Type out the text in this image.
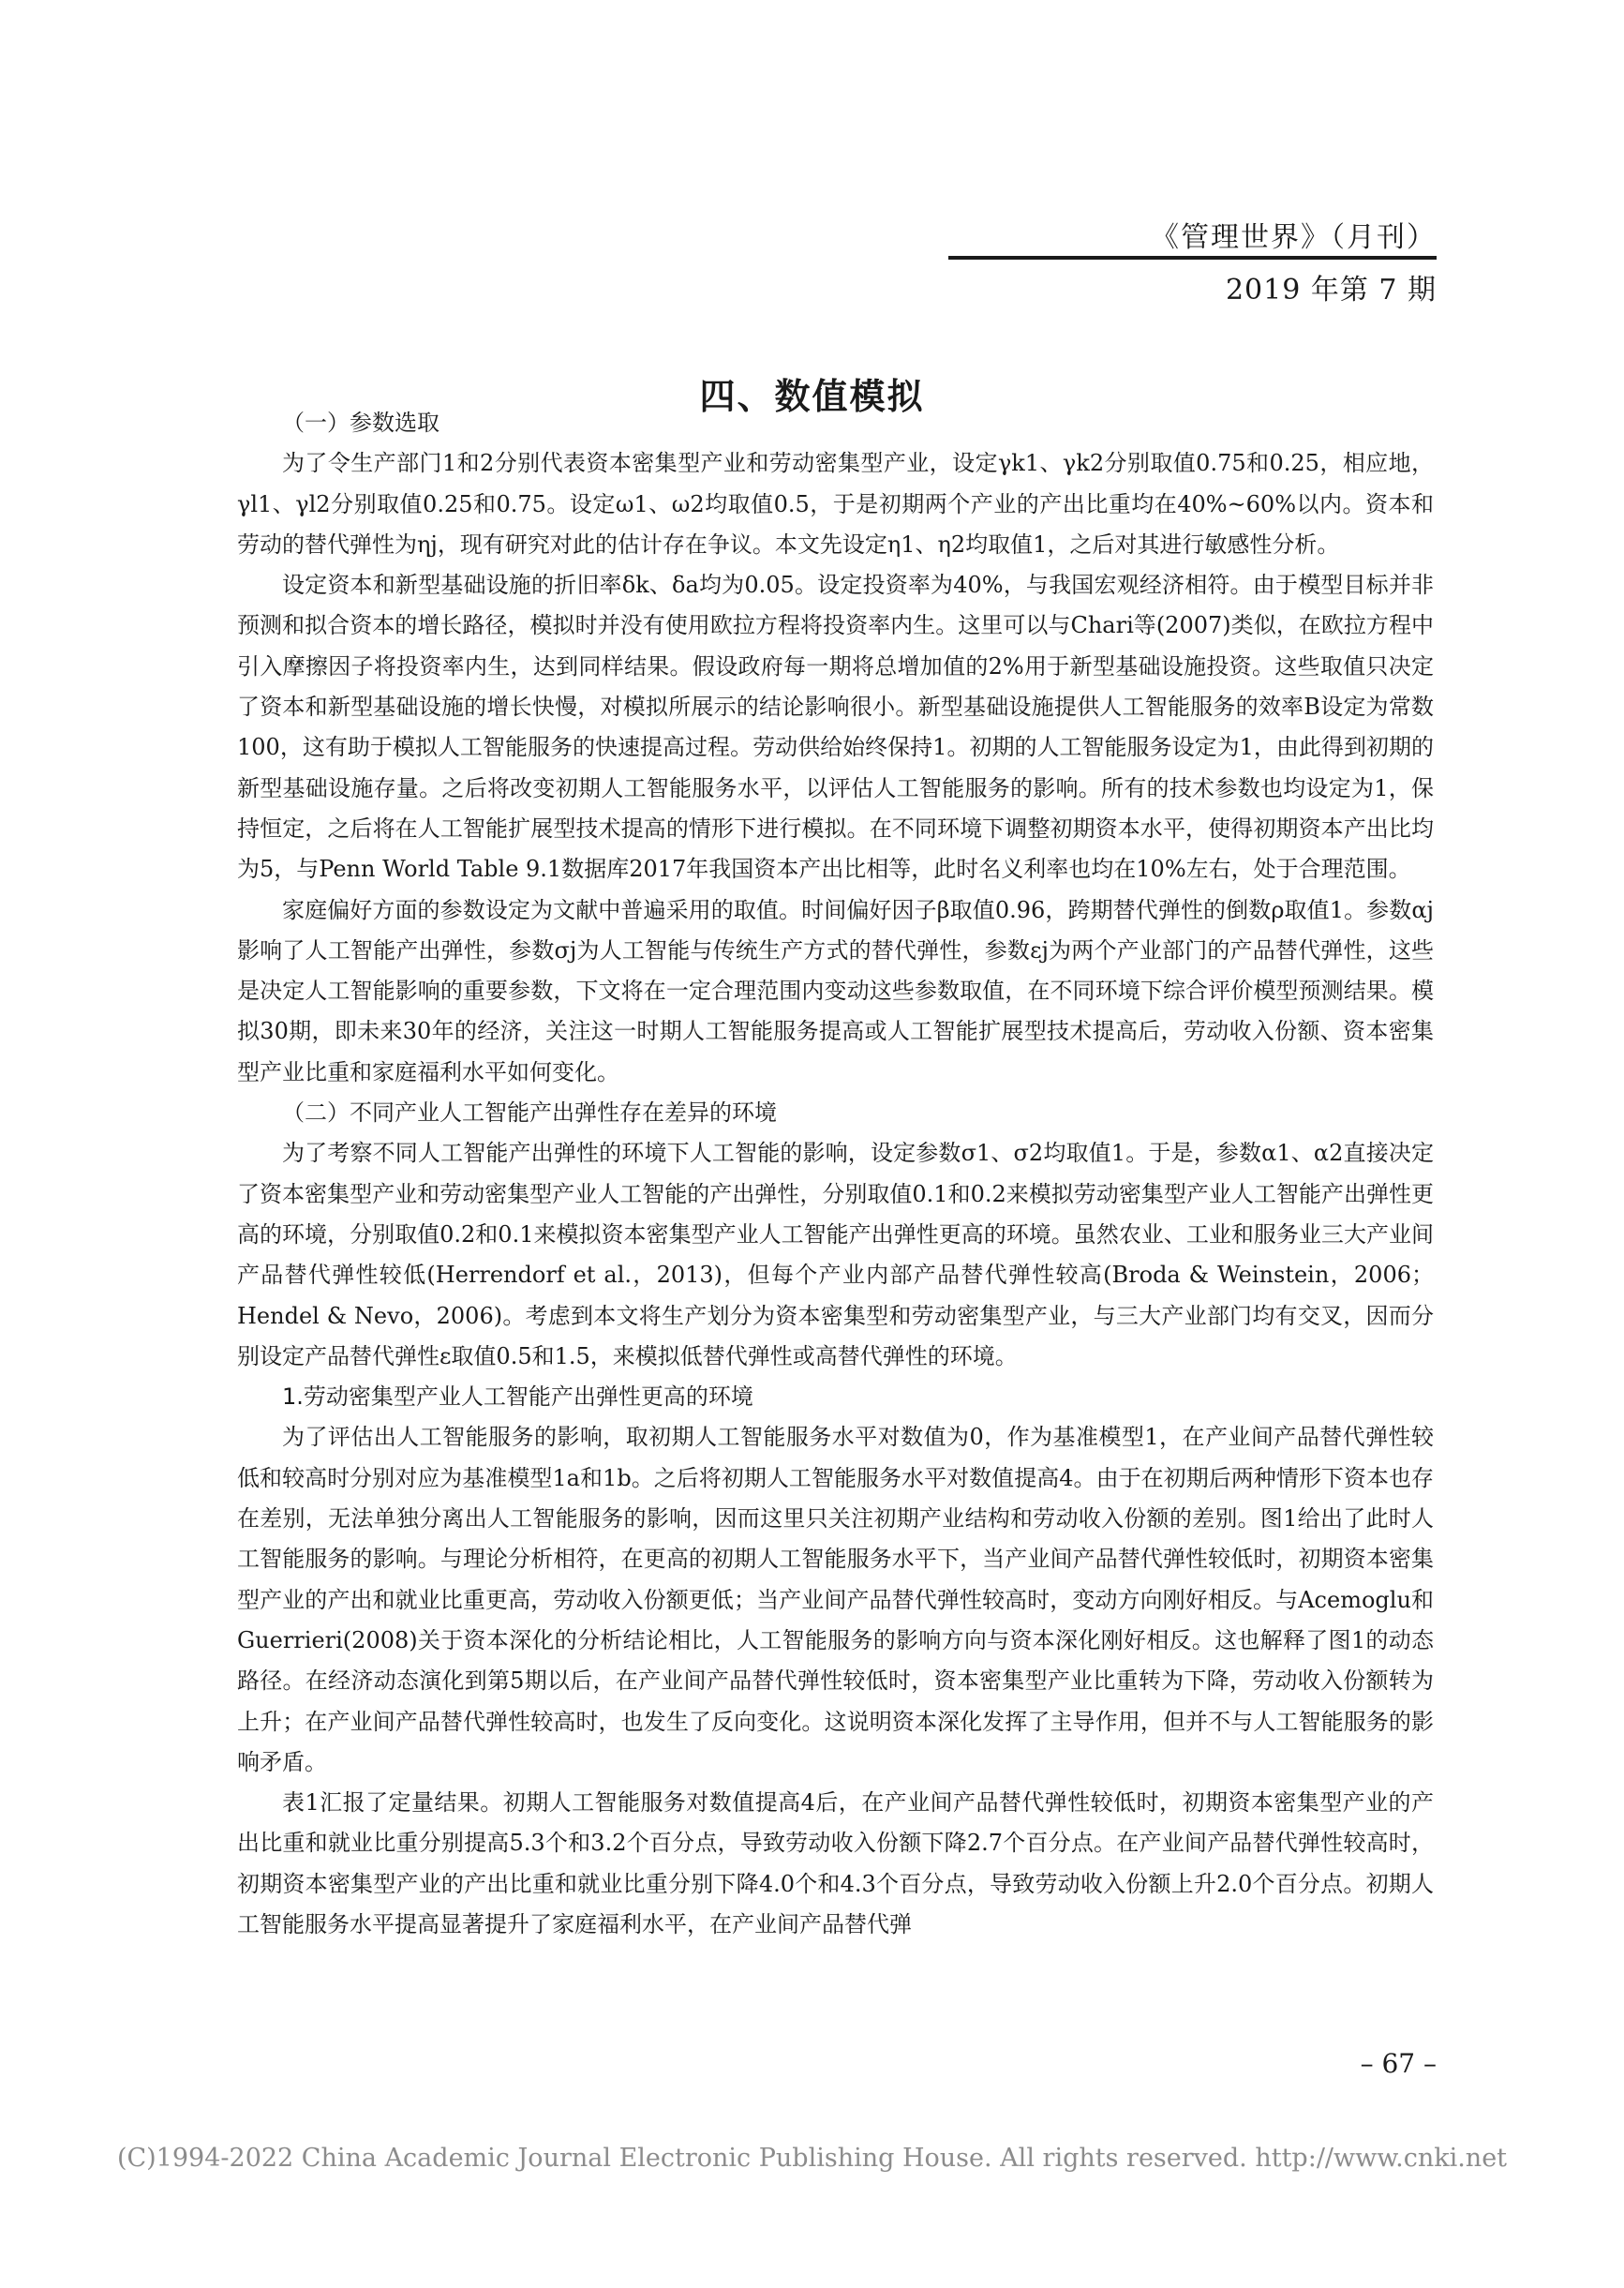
《管理世界》（月刊）
2019 年第 7 期
四、数值模拟
（一）参数选取

为了令生产部门1和2分别代表资本密集型产业和劳动密集型产业，设定γk1、γk2分别取值0.75和0.25，相应地，γl1、γl2分别取值0.25和0.75。设定ω1、ω2均取值0.5，于是初期两个产业的产出比重均在40%~60%以内。资本和劳动的替代弹性为ηj，现有研究对此的估计存在争议。本文先设定η1、η2均取值1，之后对其进行敏感性分析。

设定资本和新型基础设施的折旧率δk、δa均为0.05。设定投资率为40%，与我国宏观经济相符。由于模型目标并非预测和拟合资本的增长路径，模拟时并没有使用欧拉方程将投资率内生。这里可以与Chari等(2007)类似，在欧拉方程中引入摩擦因子将投资率内生，达到同样结果。假设政府每一期将总增加值的2%用于新型基础设施投资。这些取值只决定了资本和新型基础设施的增长快慢，对模拟所展示的结论影响很小。新型基础设施提供人工智能服务的效率B设定为常数100，这有助于模拟人工智能服务的快速提高过程。劳动供给始终保持1。初期的人工智能服务设定为1，由此得到初期的新型基础设施存量。之后将改变初期人工智能服务水平，以评估人工智能服务的影响。所有的技术参数也均设定为1，保持恒定，之后将在人工智能扩展型技术提高的情形下进行模拟。在不同环境下调整初期资本水平，使得初期资本产出比均为5，与Penn World Table 9.1数据库2017年我国资本产出比相等，此时名义利率也均在10%左右，处于合理范围。

家庭偏好方面的参数设定为文献中普遍采用的取值。时间偏好因子β取值0.96，跨期替代弹性的倒数ρ取值1。参数αj影响了人工智能产出弹性，参数σj为人工智能与传统生产方式的替代弹性，参数εj为两个产业部门的产品替代弹性，这些是决定人工智能影响的重要参数，下文将在一定合理范围内变动这些参数取值，在不同环境下综合评价模型预测结果。模拟30期，即未来30年的经济，关注这一时期人工智能服务提高或人工智能扩展型技术提高后，劳动收入份额、资本密集型产业比重和家庭福利水平如何变化。

（二）不同产业人工智能产出弹性存在差异的环境

为了考察不同人工智能产出弹性的环境下人工智能的影响，设定参数σ1、σ2均取值1。于是，参数α1、α2直接决定了资本密集型产业和劳动密集型产业人工智能的产出弹性，分别取值0.1和0.2来模拟劳动密集型产业人工智能产出弹性更高的环境，分别取值0.2和0.1来模拟资本密集型产业人工智能产出弹性更高的环境。虽然农业、工业和服务业三大产业间产品替代弹性较低(Herrendorf et al.，2013)，但每个产业内部产品替代弹性较高(Broda & Weinstein，2006；Hendel & Nevo，2006)。考虑到本文将生产划分为资本密集型和劳动密集型产业，与三大产业部门均有交叉，因而分别设定产品替代弹性ε取值0.5和1.5，来模拟低替代弹性或高替代弹性的环境。

1.劳动密集型产业人工智能产出弹性更高的环境

为了评估出人工智能服务的影响，取初期人工智能服务水平对数值为0，作为基准模型1，在产业间产品替代弹性较低和较高时分别对应为基准模型1a和1b。之后将初期人工智能服务水平对数值提高4。由于在初期后两种情形下资本也存在差别，无法单独分离出人工智能服务的影响，因而这里只关注初期产业结构和劳动收入份额的差别。图1给出了此时人工智能服务的影响。与理论分析相符，在更高的初期人工智能服务水平下，当产业间产品替代弹性较低时，初期资本密集型产业的产出和就业比重更高，劳动收入份额更低；当产业间产品替代弹性较高时，变动方向刚好相反。与Acemoglu和Guerrieri(2008)关于资本深化的分析结论相比，人工智能服务的影响方向与资本深化刚好相反。这也解释了图1的动态路径。在经济动态演化到第5期以后，在产业间产品替代弹性较低时，资本密集型产业比重转为下降，劳动收入份额转为上升；在产业间产品替代弹性较高时，也发生了反向变化。这说明资本深化发挥了主导作用，但并不与人工智能服务的影响矛盾。

表1汇报了定量结果。初期人工智能服务对数值提高4后，在产业间产品替代弹性较低时，初期资本密集型产业的产出比重和就业比重分别提高5.3个和3.2个百分点，导致劳动收入份额下降2.7个百分点。在产业间产品替代弹性较高时，初期资本密集型产业的产出比重和就业比重分别下降4.0个和4.3个百分点，导致劳动收入份额上升2.0个百分点。初期人工智能服务水平提高显著提升了家庭福利水平，在产业间产品替代弹

– 67 –
(C)1994-2022 China Academic Journal Electronic Publishing House. All rights reserved. http://www.cnki.net
